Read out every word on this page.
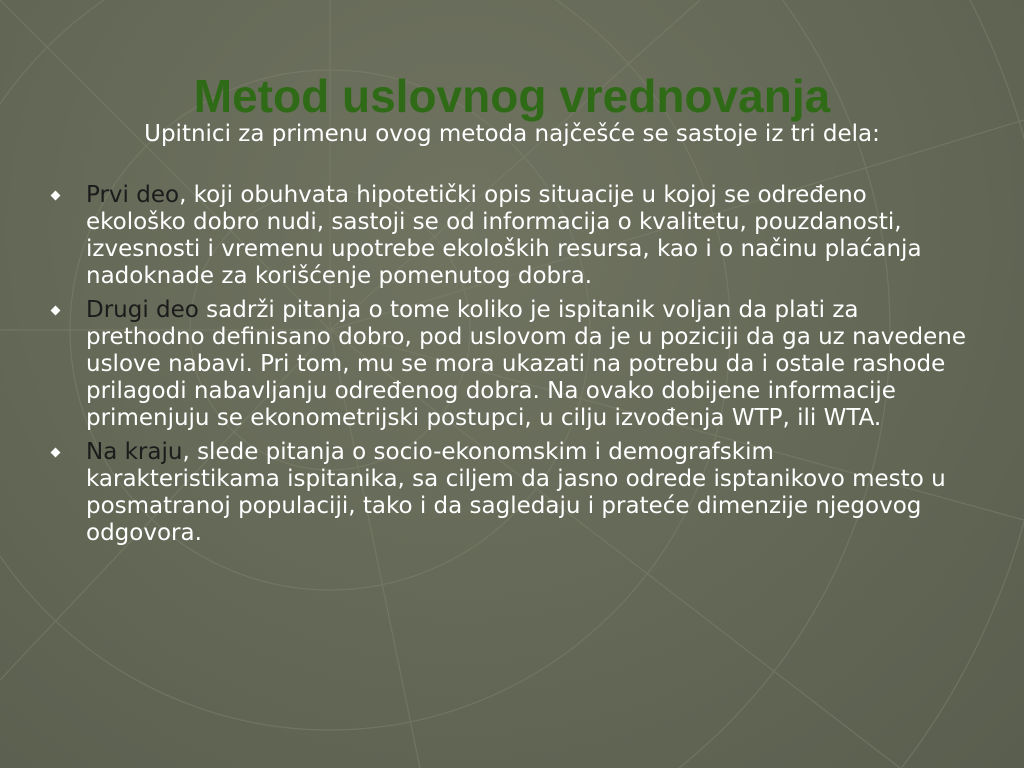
Metod uslovnog vrednovanja

Upitnici za primenu ovog metoda najčešće se sastoje iz tri dela:

Prvi deo, koji obuhvata hipotetički opis situacije u kojoj se određeno ekološko dobro nudi, sastoji se od informacija o kvalitetu, pouzdanosti, izvesnosti i vremenu upotrebe ekoloških resursa, kao i o načinu plaćanja nadoknade za korišćenje pomenutog dobra.
Drugi deo sadrži pitanja o tome koliko je ispitanik voljan da plati za prethodno definisano dobro, pod uslovom da je u poziciji da ga uz navedene uslove nabavi. Pri tom, mu se mora ukazati na potrebu da i ostale rashode prilagodi nabavljanju određenog dobra. Na ovako dobijene informacije primenjuju se ekonometrijski postupci, u cilju izvođenja WTP, ili WTA.
Na kraju, slede pitanja o socio-ekonomskim i demografskim karakteristikama ispitanika, sa ciljem da jasno odrede isptanikovo mesto u posmatranoj populaciji, tako i da sagledaju i prateće dimenzije njegovog odgovora.
